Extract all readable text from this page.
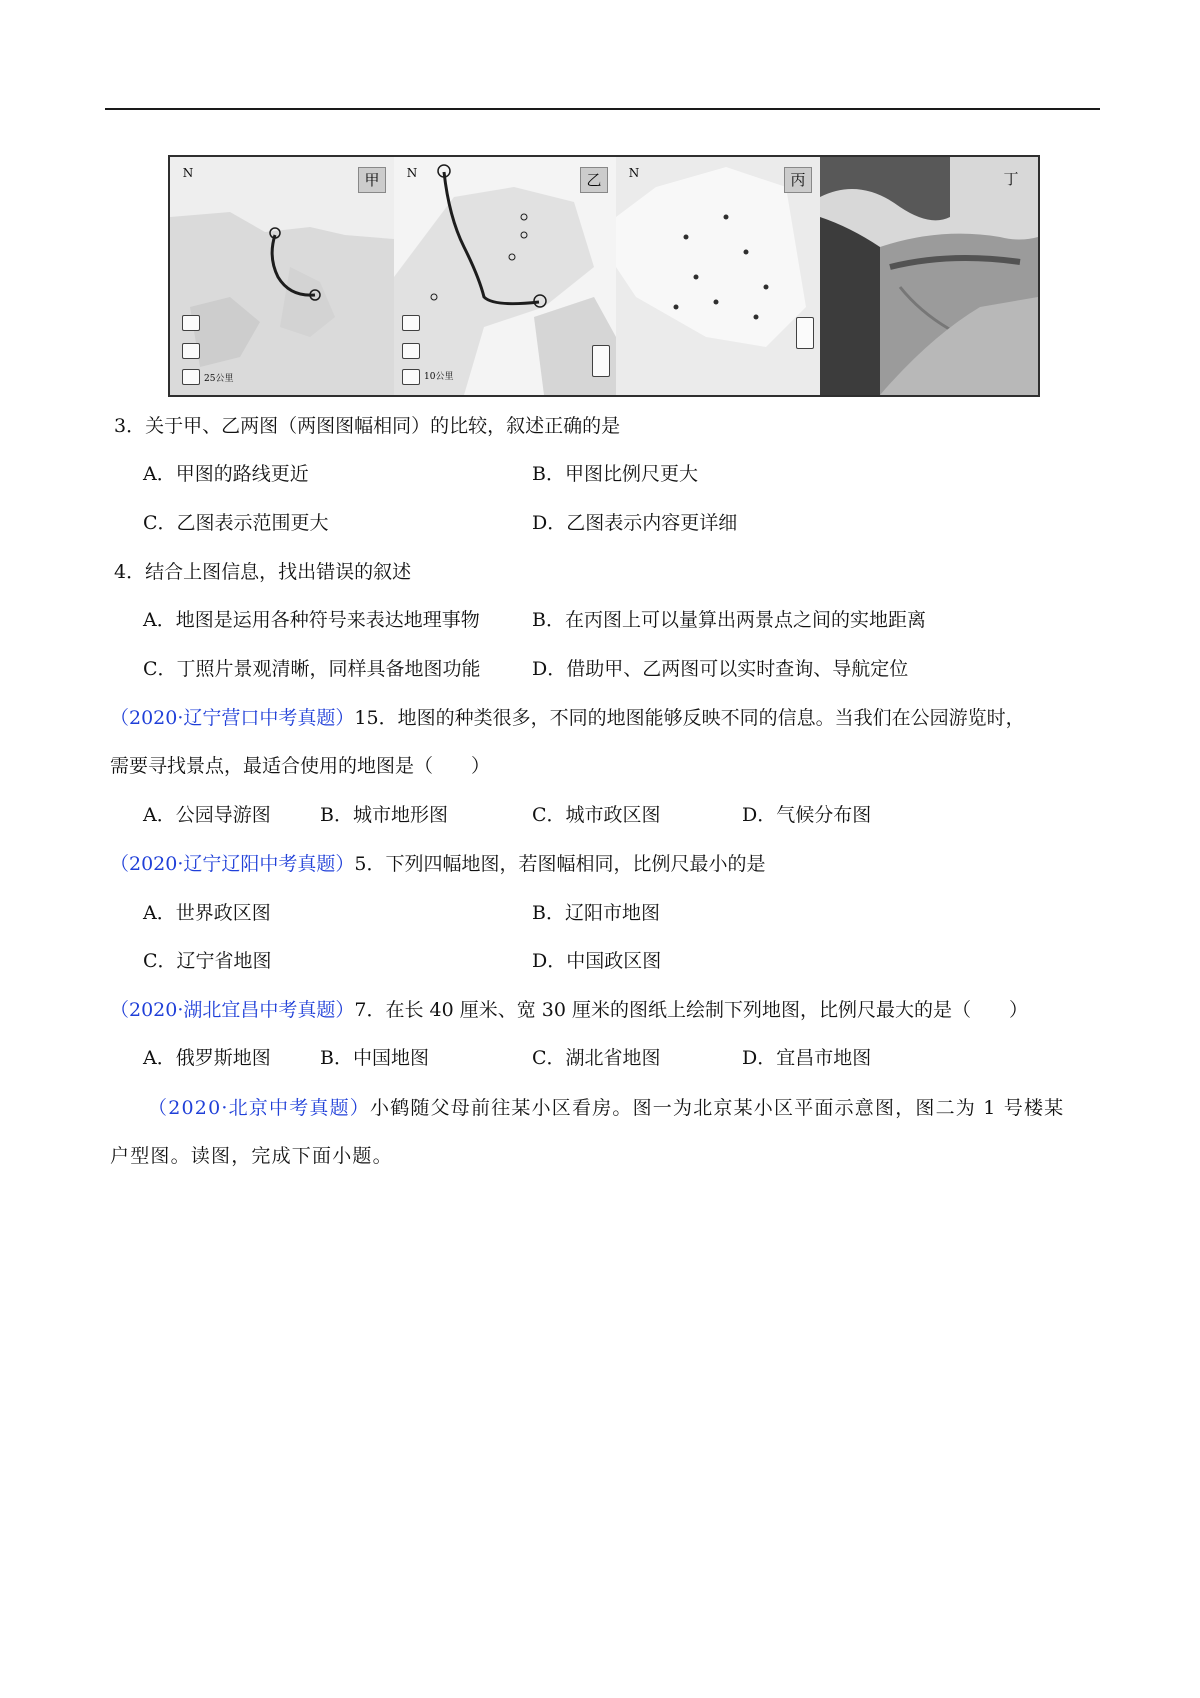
N	甲
25公里
N	乙
10公里
N	丙	丁
3．关于甲、乙两图（两图图幅相同）的比较，叙述正确的是
A．甲图的路线更近	B．甲图比例尺更大
C．乙图表示范围更大	D．乙图表示内容更详细
4．结合上图信息，找出错误的叙述
A．地图是运用各种符号来表达地理事物	B．在丙图上可以量算出两景点之间的实地距离
C．丁照片景观清晰，同样具备地图功能	D．借助甲、乙两图可以实时查询、导航定位
（2020·辽宁营口中考真题）15．地图的种类很多，不同的地图能够反映不同的信息。当我们在公园游览时，
需要寻找景点，最适合使用的地图是（　　）
A．公园导游图	B．城市地形图	C．城市政区图	D．气候分布图
（2020·辽宁辽阳中考真题）5．下列四幅地图，若图幅相同，比例尺最小的是
A．世界政区图	B．辽阳市地图
C．辽宁省地图	D．中国政区图
（2020·湖北宜昌中考真题）7．在长 40 厘米、宽 30 厘米的图纸上绘制下列地图，比例尺最大的是（　　）
A．俄罗斯地图	B．中国地图	C．湖北省地图	D．宜昌市地图
（2020·北京中考真题）小鹤随父母前往某小区看房。图一为北京某小区平面示意图，图二为 1 号楼某
户型图。读图，完成下面小题。
